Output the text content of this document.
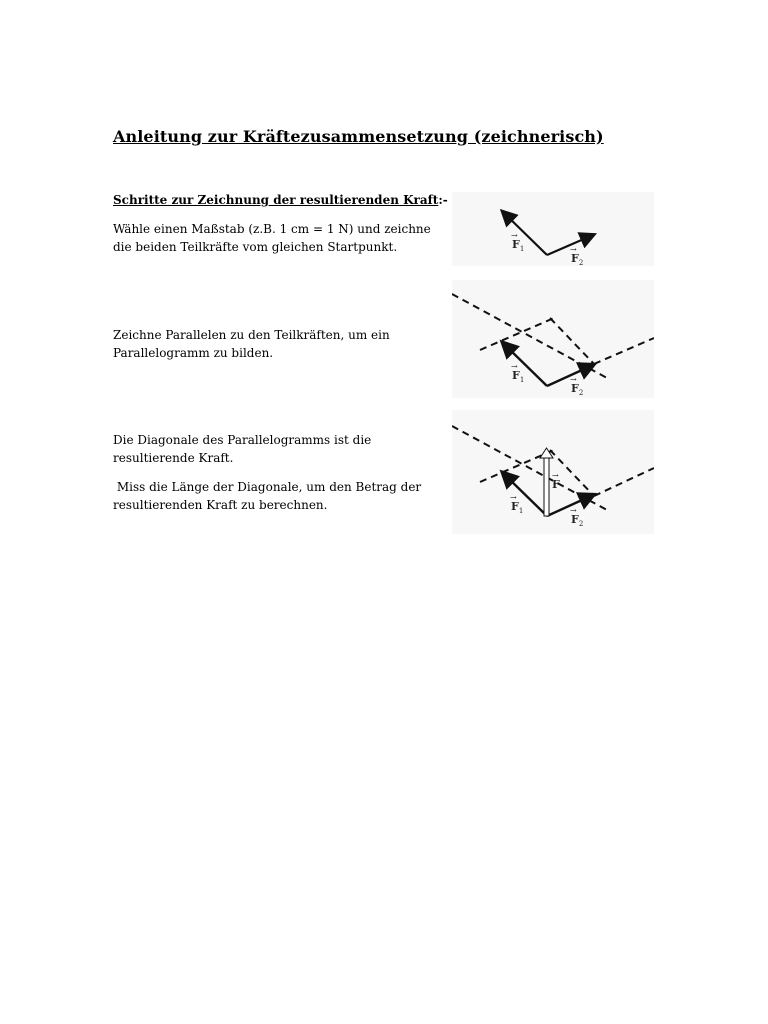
Anleitung zur Kräftezusammensetzung (zeichnerisch)
Schritte zur Zeichnung der resultierenden Kraft:-
Wähle einen Maßstab (z.B. 1 cm = 1 N) und zeichne die beiden Teilkräfte vom gleichen Startpunkt.
Zeichne Parallelen zu den Teilkräften, um ein Parallelogramm zu bilden.
Die Diagonale des Parallelogramms ist die resultierende Kraft.
Miss die Länge der Diagonale, um den Betrag der resultierenden Kraft zu berechnen.
$F_1$
→
$F_2$
→
$F_1$
→
$F_2$
→
F
→
$F_1$
→
$F_2$
→
